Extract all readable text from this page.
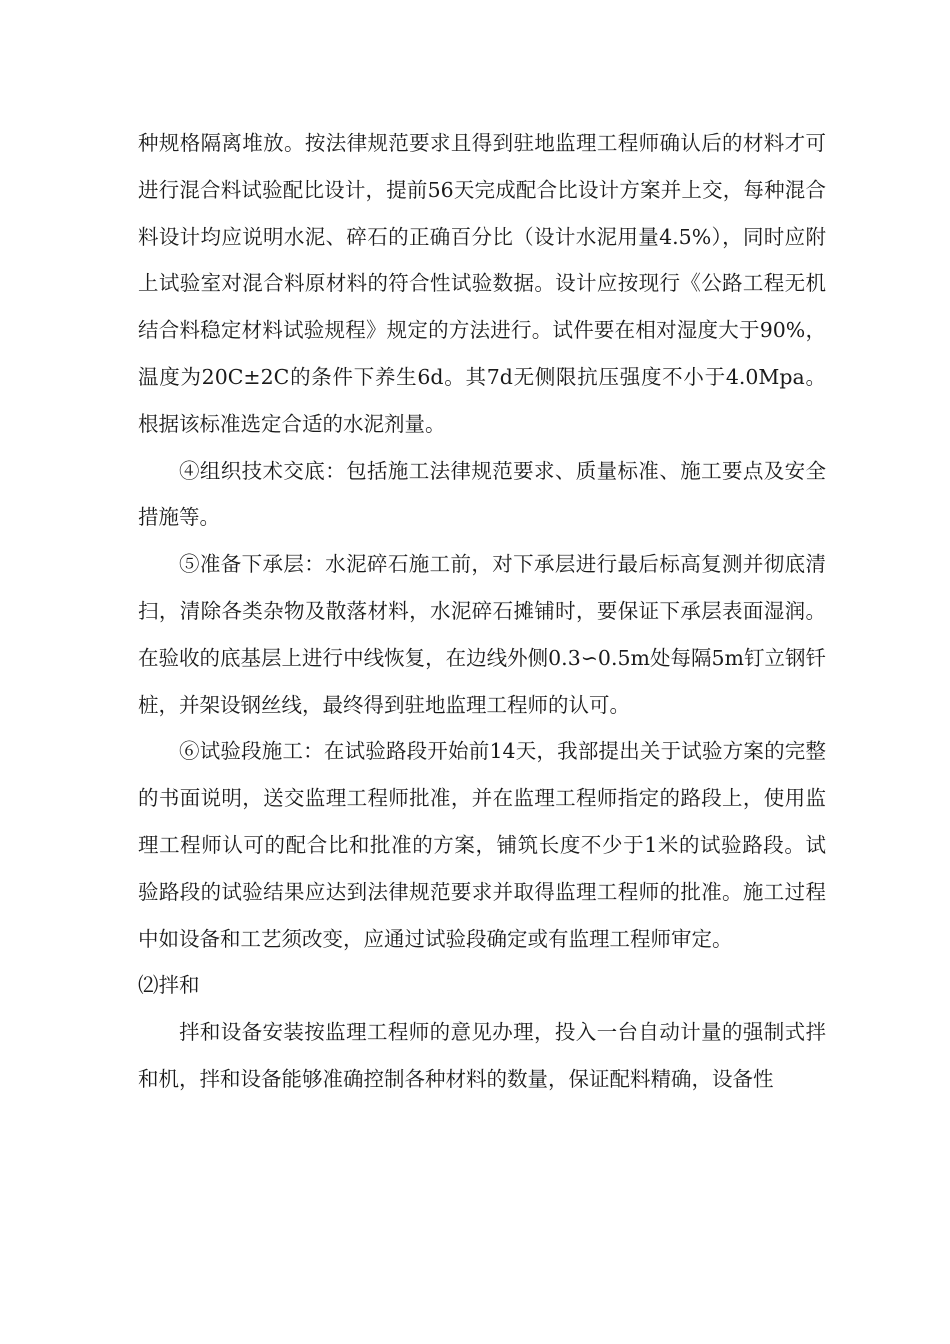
种规格隔离堆放。按法律规范要求且得到驻地监理工程师确认后的材料才可进行混合料试验配比设计，提前56天完成配合比设计方案并上交，每种混合料设计均应说明水泥、碎石的正确百分比（设计水泥用量4.5%），同时应附上试验室对混合料原材料的符合性试验数据。设计应按现行《公路工程无机结合料稳定材料试验规程》规定的方法进行。试件要在相对湿度大于90%，温度为20C±2C的条件下养生6d。其7d无侧限抗压强度不小于4.0Mpa。根据该标准选定合适的水泥剂量。

④组织技术交底：包括施工法律规范要求、质量标准、施工要点及安全措施等。

⑤准备下承层：水泥碎石施工前，对下承层进行最后标高复测并彻底清扫，清除各类杂物及散落材料，水泥碎石摊铺时，要保证下承层表面湿润。在验收的底基层上进行中线恢复，在边线外侧0.3∽0.5m处每隔5m钉立钢钎桩，并架设钢丝线，最终得到驻地监理工程师的认可。

⑥试验段施工：在试验路段开始前14天，我部提出关于试验方案的完整的书面说明，送交监理工程师批准，并在监理工程师指定的路段上，使用监理工程师认可的配合比和批准的方案，铺筑长度不少于1米的试验路段。试验路段的试验结果应达到法律规范要求并取得监理工程师的批准。施工过程中如设备和工艺须改变，应通过试验段确定或有监理工程师审定。

⑵拌和

拌和设备安装按监理工程师的意见办理，投入一台自动计量的强制式拌和机，拌和设备能够准确控制各种材料的数量，保证配料精确，设备性
